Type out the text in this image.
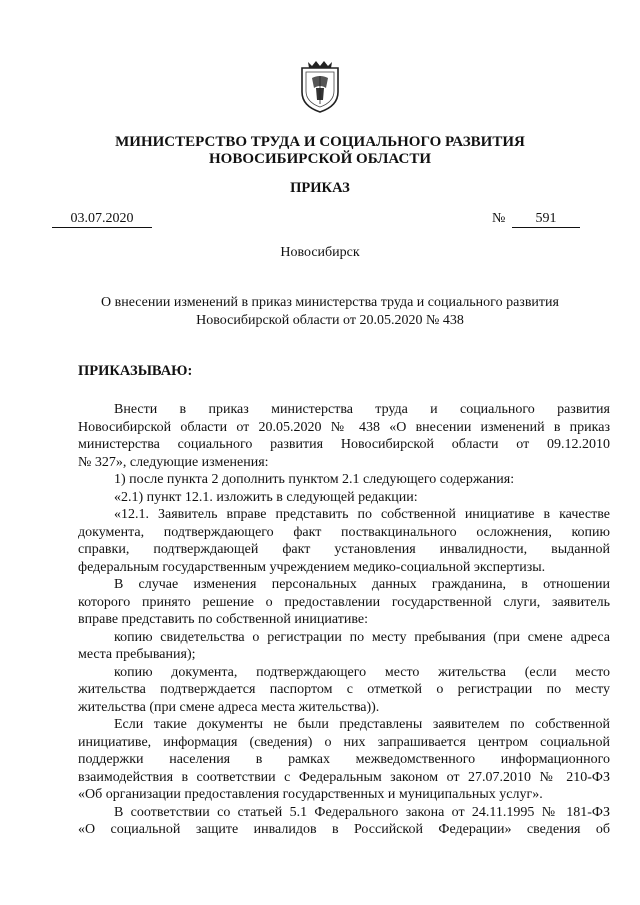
МИНИСТЕРСТВО ТРУДА И СОЦИАЛЬНОГО РАЗВИТИЯ
НОВОСИБИРСКОЙ ОБЛАСТИ
ПРИКАЗ
03.07.2020	№	591
Новосибирск
О внесении изменений в приказ министерства труда и социального развития
Новосибирской области от 20.05.2020 № 438
ПРИКАЗЫВАЮ:
Внести в приказ министерства труда и социального развития
Новосибирской области от 20.05.2020 № 438 «О внесении изменений в приказ
министерства социального развития Новосибирской области от 09.12.2010
№ 327», следующие изменения:
1) после пункта 2 дополнить пунктом 2.1 следующего содержания:
«2.1) пункт 12.1. изложить в следующей редакции:
«12.1. Заявитель вправе представить по собственной инициативе в качестве
документа, подтверждающего факт поствакцинального осложнения, копию
справки, подтверждающей факт установления инвалидности, выданной
федеральным государственным учреждением медико-социальной экспертизы.
В случае изменения персональных данных гражданина, в отношении
которого принято решение о предоставлении государственной слуги, заявитель
вправе представить по собственной инициативе:
копию свидетельства о регистрации по месту пребывания (при смене адреса
места пребывания);
копию документа, подтверждающего место жительства (если место
жительства подтверждается паспортом с отметкой о регистрации по месту
жительства (при смене адреса места жительства)).
Если такие документы не были представлены заявителем по собственной
инициативе, информация (сведения) о них запрашивается центром социальной
поддержки населения в рамках межведомственного информационного
взаимодействия в соответствии с Федеральным законом от 27.07.2010 № 210-ФЗ
«Об организации предоставления государственных и муниципальных услуг».
В соответствии со статьей 5.1 Федерального закона от 24.11.1995 № 181-ФЗ
«О социальной защите инвалидов в Российской Федерации» сведения об
